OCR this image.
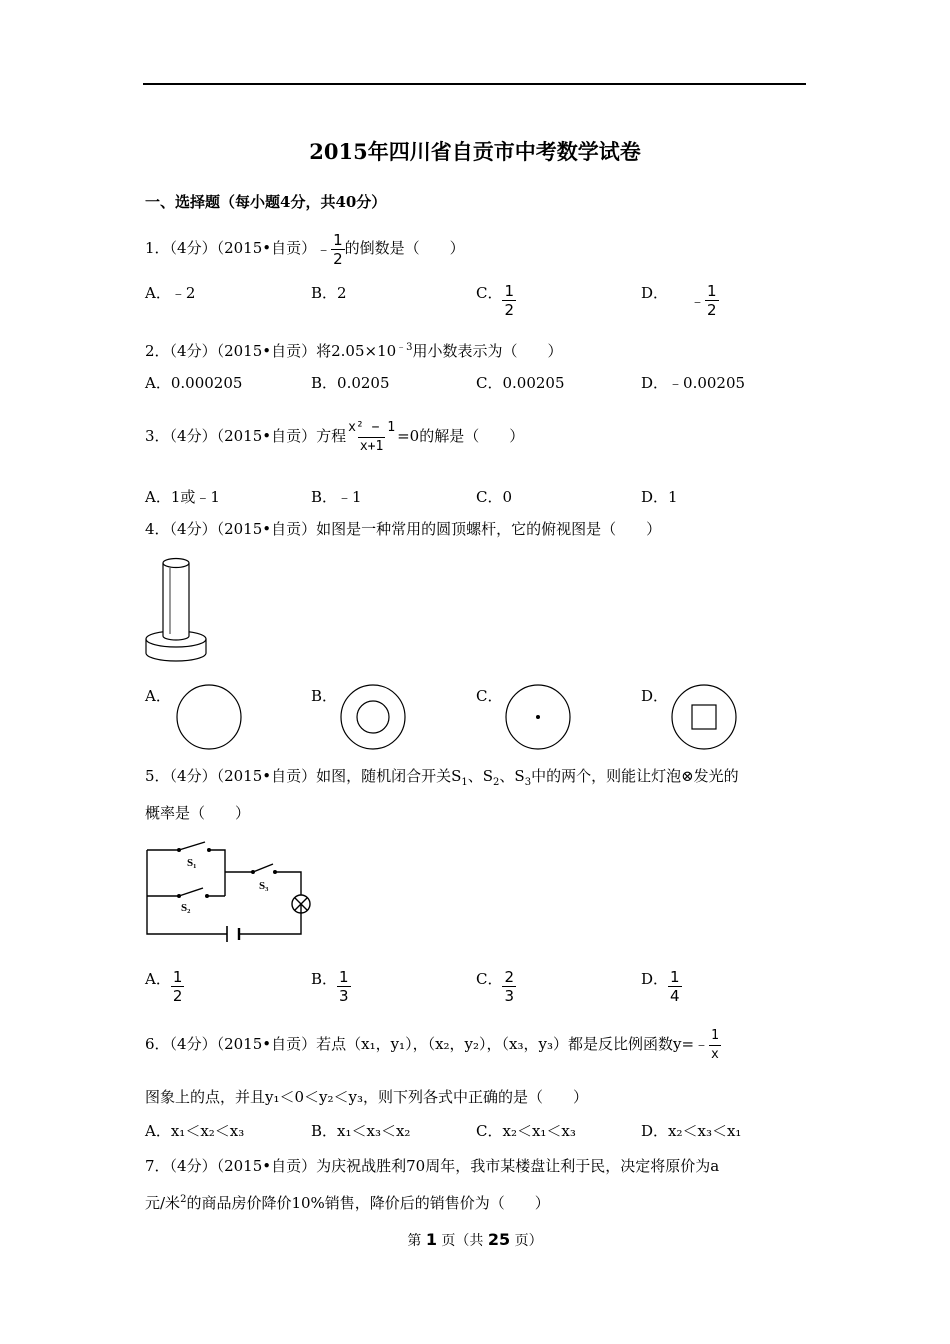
2015年四川省自贡市中考数学试卷
一、选择题（每小题4分，共40分）
1．（4分）（2015•自贡）﹣ $\frac{1}{2}$ 的倒数是（　　）
A．﹣2	B．2	C． $\frac{1}{2}$	D． ﹣ $\frac{1}{2}$
2．（4分）（2015•自贡）将$2.05\times 10^{﹣3}$用小数表示为（　　）
A．0.000205	B．0.0205	C．0.00205	D．﹣0.00205
3．（4分）（2015•自贡）方程 $\frac{\text{x² − 1}}{x+1} =0$的解是（　　）
A．1或﹣1	B．﹣1	C．0	D．1
4．（4分）（2015•自贡）如图是一种常用的圆顶螺杆，它的俯视图是（　　）
A．	B．	C．	D．
5．（4分）（2015•自贡）如图，随机闭合开关$S_1$、$S_2$、$S_3$中的两个，则能让灯泡⊗发光的
概率是（　　）
S₁
S₂
S₃
A． $\frac{1}{2}$	B． $\frac{1}{3}$	C． $\frac{2}{3}$	D． $\frac{1}{4}$
6．（4分）（2015•自贡）若点（x₁，y₁），（x₂，y₂），（x₃，y₃）都是反比例函数y=﹣ $\frac{1}{x}$
图象上的点，并且y₁＜0＜y₂＜y₃，则下列各式中正确的是（　　）
A．x₁＜x₂＜x₃	B．x₁＜x₃＜x₂	C．x₂＜x₁＜x₃	D．x₂＜x₃＜x₁
7．（4分）（2015•自贡）为庆祝战胜利70周年，我市某楼盘让利于民，决定将原价为a
元/米$^2$的商品房价降价10%销售，降价后的销售价为（　　）
第 1 页（共 25 页）
